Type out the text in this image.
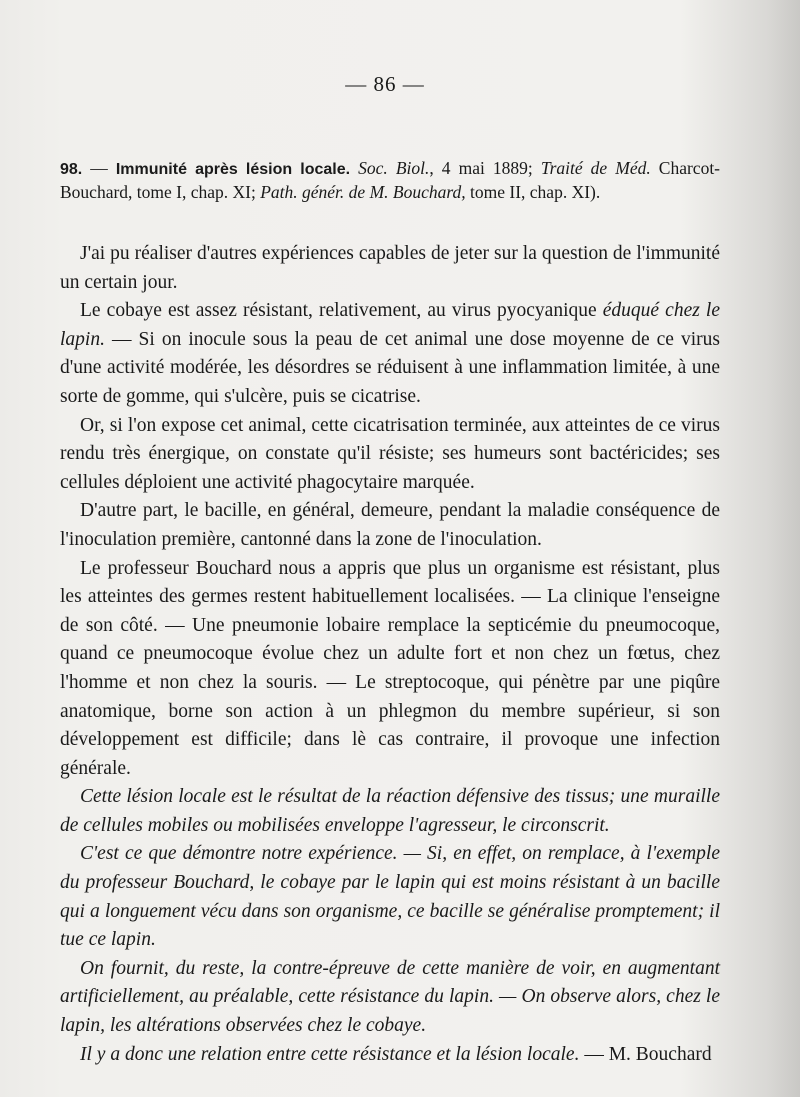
— 86 —
98. — Immunité après lésion locale. Soc. Biol., 4 mai 1889; Traité de Méd. Charcot-Bouchard, tome I, chap. XI; Path. génér. de M. Bouchard, tome II, chap. XI).

J'ai pu réaliser d'autres expériences capables de jeter sur la question de l'immunité un certain jour.

Le cobaye est assez résistant, relativement, au virus pyocyanique éduqué chez le lapin. — Si on inocule sous la peau de cet animal une dose moyenne de ce virus d'une activité modérée, les désordres se réduisent à une inflammation limitée, à une sorte de gomme, qui s'ulcère, puis se cicatrise.

Or, si l'on expose cet animal, cette cicatrisation terminée, aux atteintes de ce virus rendu très énergique, on constate qu'il résiste; ses humeurs sont bactéricides; ses cellules déploient une activité phagocytaire marquée.

D'autre part, le bacille, en général, demeure, pendant la maladie conséquence de l'inoculation première, cantonné dans la zone de l'inoculation.

Le professeur Bouchard nous a appris que plus un organisme est résistant, plus les atteintes des germes restent habituellement localisées. — La clinique l'enseigne de son côté. — Une pneumonie lobaire remplace la septicémie du pneumocoque, quand ce pneumocoque évolue chez un adulte fort et non chez un fœtus, chez l'homme et non chez la souris. — Le streptocoque, qui pénètre par une piqûre anatomique, borne son action à un phlegmon du membre supérieur, si son développement est difficile; dans lè cas contraire, il provoque une infection générale.

Cette lésion locale est le résultat de la réaction défensive des tissus; une muraille de cellules mobiles ou mobilisées enveloppe l'agresseur, le circonscrit.

C'est ce que démontre notre expérience. — Si, en effet, on remplace, à l'exemple du professeur Bouchard, le cobaye par le lapin qui est moins résistant à un bacille qui a longuement vécu dans son organisme, ce bacille se généralise promptement; il tue ce lapin.

On fournit, du reste, la contre-épreuve de cette manière de voir, en augmentant artificiellement, au préalable, cette résistance du lapin. — On observe alors, chez le lapin, les altérations observées chez le cobaye.

Il y a donc une relation entre cette résistance et la lésion locale. — M. Bouchard
